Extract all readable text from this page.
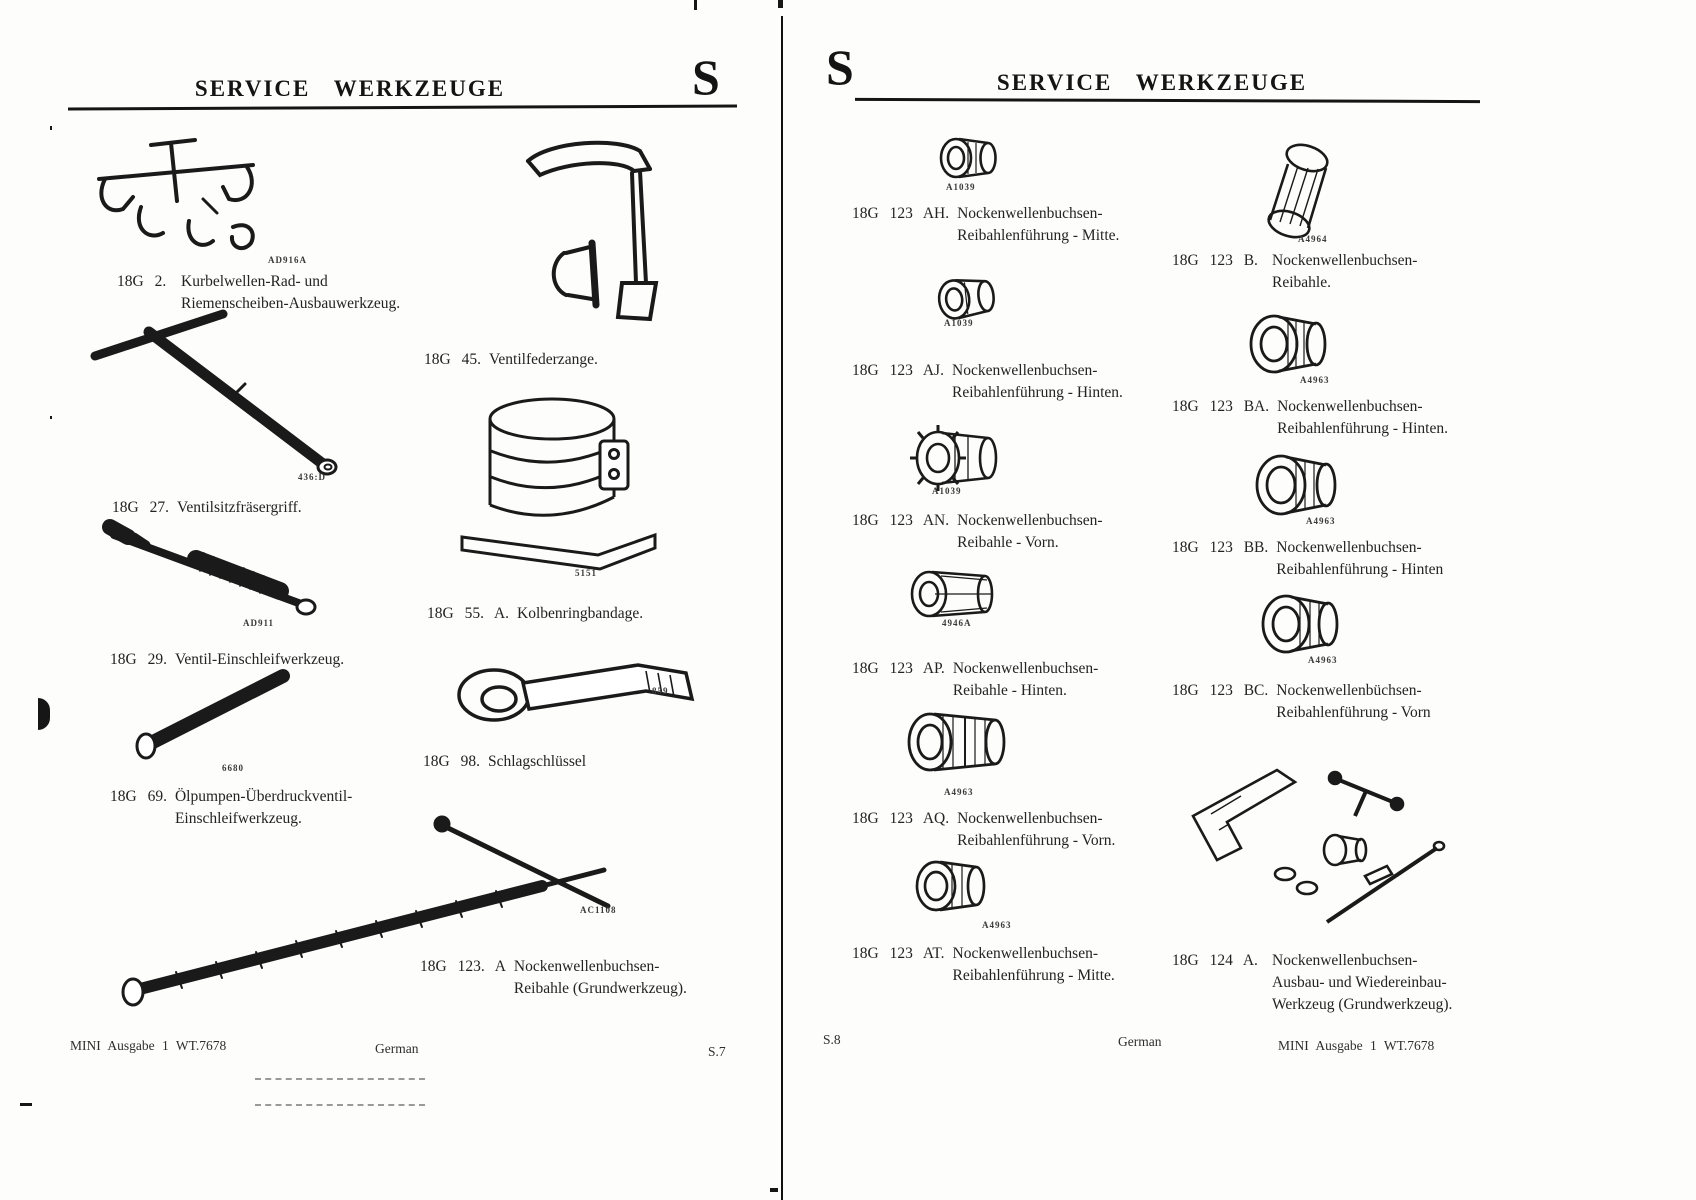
SERVICE WERKZEUGE	S
AD916A
436:D
AD911
6680
5151
859
AC1108
18G 2. Kurbelwellen-Rad- und
Riemenscheiben-Ausbauwerkzeug.
18G 27. Ventilsitzfräsergriff.
18G 29. Ventil-Einschleifwerkzeug.
18G 69. Ölpumpen-Überdruckventil-
Einschleifwerkzeug.
18G 45. Ventilfederzange.
18G 55. A. Kolbenringbandage.
18G 98. Schlagschlüssel
18G 123. A Nockenwellenbuchsen-
Reibahle (Grundwerkzeug).
MINI Ausgabe 1 WT.7678	German	S.7
S	SERVICE WERKZEUGE
A1039
A1039
A1039
4946A
A4963
A4963
A4964
A4963
A4963
A4963
18G 123 AH. Nockenwellenbuchsen-
Reibahlenführung - Mitte.
18G 123 AJ. Nockenwellenbuchsen-
Reibahlenführung - Hinten.
18G 123 AN. Nockenwellenbuchsen-
Reibahle - Vorn.
18G 123 AP. Nockenwellenbuchsen-
Reibahle - Hinten.
18G 123 AQ. Nockenwellenbuchsen-
Reibahlenführung - Vorn.
18G 123 AT. Nockenwellenbuchsen-
Reibahlenführung - Mitte.
18G 123 B. Nockenwellenbuchsen-
Reibahle.
18G 123 BA. Nockenwellenbuchsen-
Reibahlenführung - Hinten.
18G 123 BB. Nockenwellenbuchsen-
Reibahlenführung - Hinten
18G 123 BC. Nockenwellenbüchsen-
Reibahlenführung - Vorn
18G 124 A. Nockenwellenbuchsen-
Ausbau- und Wiedereinbau-
Werkzeug (Grundwerkzeug).
S.8	German	MINI Ausgabe 1 WT.7678
